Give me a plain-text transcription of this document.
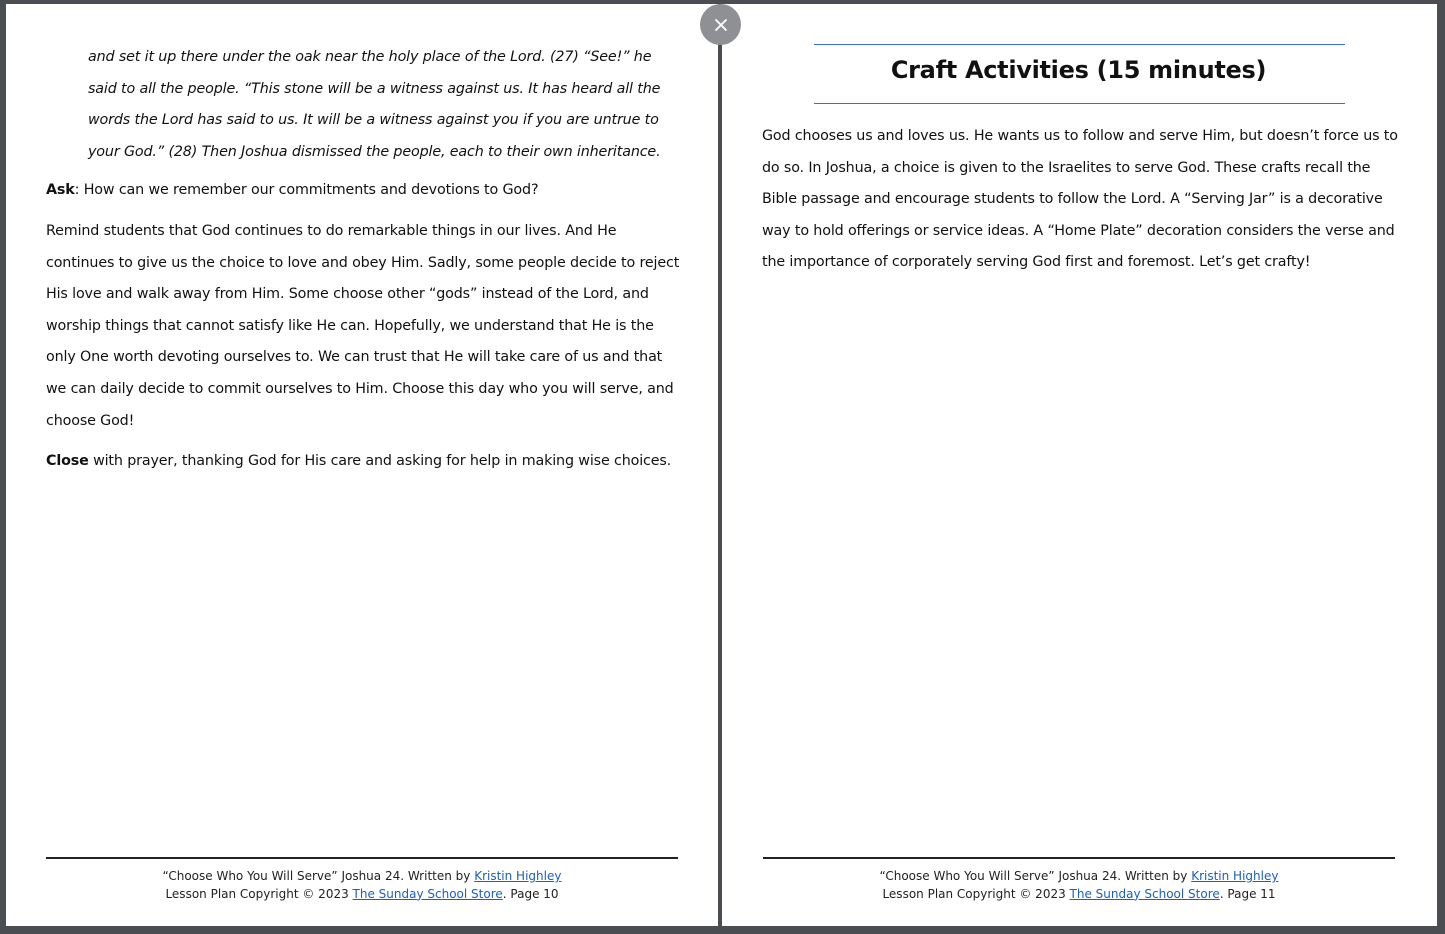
and set it up there under the oak near the holy place of the Lord. (27) “See!” he said to all the people. “This stone will be a witness against us. It has heard all the words the Lord has said to us. It will be a witness against you if you are untrue to your God.” (28) Then Joshua dismissed the people, each to their own inheritance.

Ask: How can we remember our commitments and devotions to God?

Remind students that God continues to do remarkable things in our lives. And He continues to give us the choice to love and obey Him. Sadly, some people decide to reject His love and walk away from Him. Some choose other “gods” instead of the Lord, and worship things that cannot satisfy like He can. Hopefully, we understand that He is the only One worth devoting ourselves to. We can trust that He will take care of us and that we can daily decide to commit ourselves to Him. Choose this day who you will serve, and choose God!

Close with prayer, thanking God for His care and asking for help in making wise choices.

“Choose Who You Will Serve” Joshua 24. Written by Kristin Highley
Lesson Plan Copyright © 2023 The Sunday School Store. Page 10
Craft Activities (15 minutes)

God chooses us and loves us. He wants us to follow and serve Him, but doesn’t force us to do so. In Joshua, a choice is given to the Israelites to serve God. These crafts recall the Bible passage and encourage students to follow the Lord. A “Serving Jar” is a decorative way to hold offerings or service ideas. A “Home Plate” decoration considers the verse and the importance of corporately serving God first and foremost. Let’s get crafty!

“Choose Who You Will Serve” Joshua 24. Written by Kristin Highley
Lesson Plan Copyright © 2023 The Sunday School Store. Page 11
